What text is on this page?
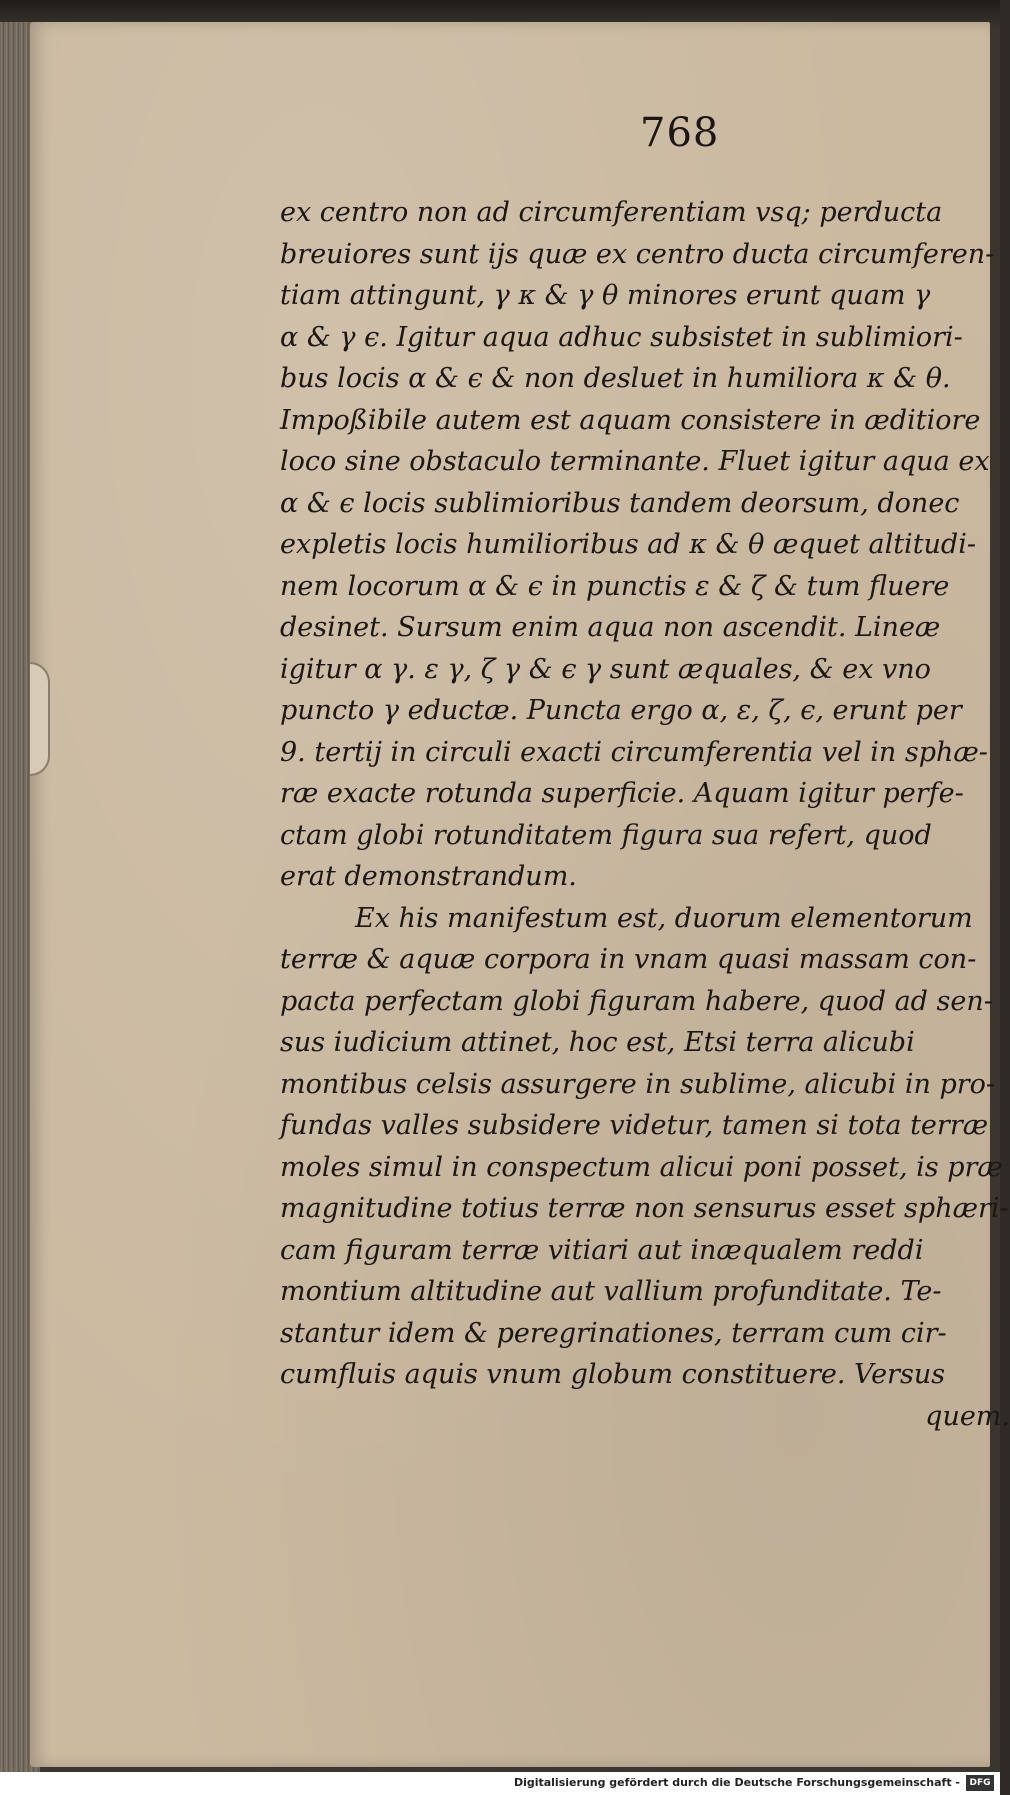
768
ex centro non ad circumferentiam vsq; perducta
breuiores sunt ijs quæ ex centro ducta circumferen-
tiam attingunt, γ κ & γ θ minores erunt quam γ
α & γ ϵ. Igitur aqua adhuc subsistet in sublimiori-
bus locis α & ϵ & non desluet in humiliora κ & θ.
Impoßibile autem est aquam consistere in æditiore
loco sine obstaculo terminante. Fluet igitur aqua ex
α & ϵ locis sublimioribus tandem deorsum, donec
expletis locis humilioribus ad κ & θ æquet altitudi-
nem locorum α & ϵ in punctis ε & ζ & tum fluere
desinet. Sursum enim aqua non ascendit. Lineæ
igitur α γ. ε γ, ζ γ & ϵ γ sunt æquales, & ex vno
puncto γ eductæ. Puncta ergo α, ε, ζ, ϵ, erunt per
9. tertij in circuli exacti circumferentia vel in sphæ-
ræ exacte rotunda superficie. Aquam igitur perfe-
ctam globi rotunditatem figura sua refert, quod
erat demonstrandum.
Ex his manifestum est, duorum elementorum
terræ & aquæ corpora in vnam quasi massam con-
pacta perfectam globi figuram habere, quod ad sen-
sus iudicium attinet, hoc est, Etsi terra alicubi
montibus celsis assurgere in sublime, alicubi in pro-
fundas valles subsidere videtur, tamen si tota terræ
moles simul in conspectum alicui poni posset, is præ
magnitudine totius terræ non sensurus esset sphæri-
cam figuram terræ vitiari aut inæqualem reddi
montium altitudine aut vallium profunditate. Te-
stantur idem & peregrinationes, terram cum cir-
cumfluis aquis vnum globum constituere. Versus
quem.
Digitalisierung gefördert durch die Deutsche Forschungsgemeinschaft -	DFG
